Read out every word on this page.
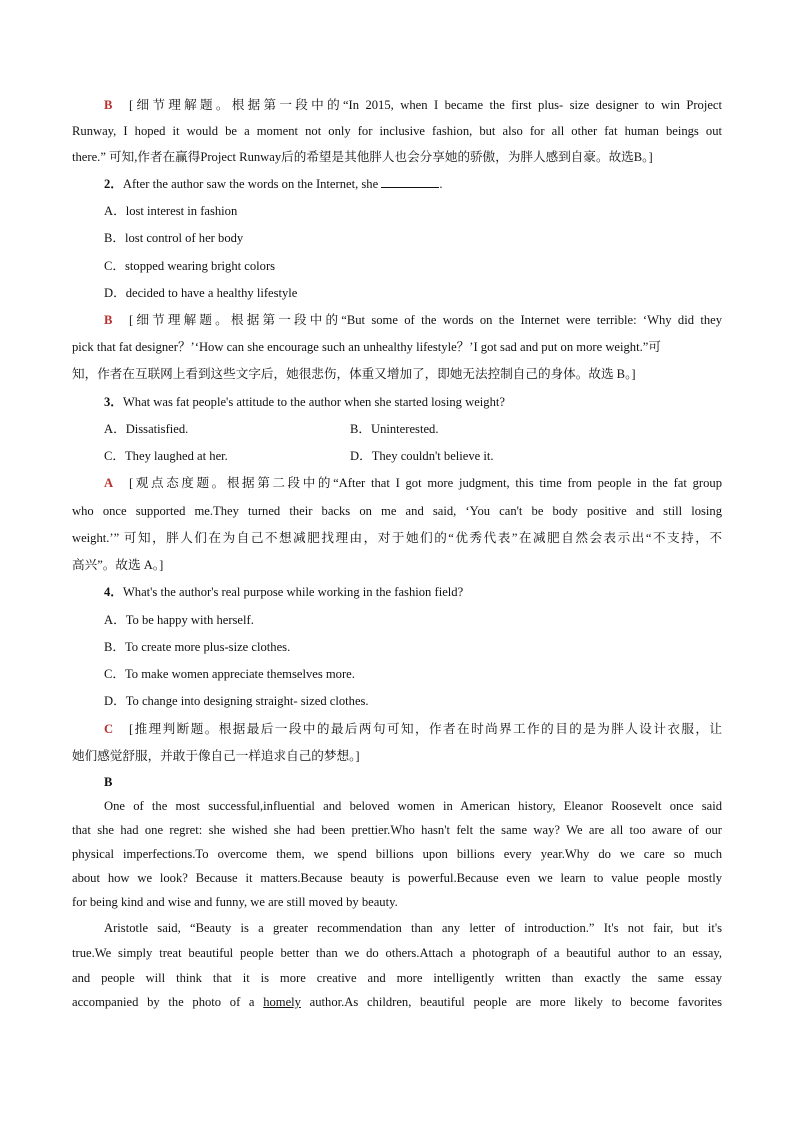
B [细节理解题。根据第一段中的“In 2015, when I became the first plus- size designer to win Project
Runway, I hoped it would be a moment not only for inclusive fashion, but also for all other fat human beings out
there.” 可知,作者在赢得Project Runway后的希望是其他胖人也会分享她的骄傲，为胖人感到自豪。故选B。]
2．After the author saw the words on the Internet, she	.
A．lost interest in fashion
B．lost control of her body
C．stopped wearing bright colors
D．decided to have a healthy lifestyle
B [细节理解题。根据第一段中的“But some of the words on the Internet were terrible: ‘Why did they
pick that fat designer？’‘How can she encourage such an unhealthy lifestyle？’I got sad and put on more weight.”可
知，作者在互联网上看到这些文字后，她很悲伤，体重又增加了，即她无法控制自己的身体。故选 B。]
3．What was fat people's attitude to the author when she started losing weight?
A．Dissatisfied.	B．Uninterested.
C．They laughed at her.	D．They couldn't believe it.
A [观点态度题。根据第二段中的“After that I got more judgment, this time from people in the fat group
who once supported me.They turned their backs on me and said, ‘You can't be body positive and still losing
weight.’” 可知，胖人们在为自己不想减肥找理由，对于她们的“优秀代表”在减肥自然会表示出“不支持，不
高兴”。故选 A。]
4．What's the author's real purpose while working in the fashion field?
A．To be happy with herself.
B．To create more plus-size clothes.
C．To make women appreciate themselves more.
D．To change into designing straight- sized clothes.
C [推理判断题。根据最后一段中的最后两句可知，作者在时尚界工作的目的是为胖人设计衣服，让
她们感觉舒服，并敢于像自己一样追求自己的梦想。]
B
One of the most successful,influential and beloved women in American history, Eleanor Roosevelt once said
that she had one regret: she wished she had been prettier.Who hasn't felt the same way? We are all too aware of our
physical imperfections.To overcome them, we spend billions upon billions every year.Why do we care so much
about how we look? Because it matters.Because beauty is powerful.Because even we learn to value people mostly
for being kind and wise and funny, we are still moved by beauty.
Aristotle said, “Beauty is a greater recommendation than any letter of introduction.” It's not fair, but it's
true.We simply treat beautiful people better than we do others.Attach a photograph of a beautiful author to an essay,
and people will think that it is more creative and more intelligently written than exactly the same essay
accompanied by the photo of a homely author.As children, beautiful people are more likely to become favorites
